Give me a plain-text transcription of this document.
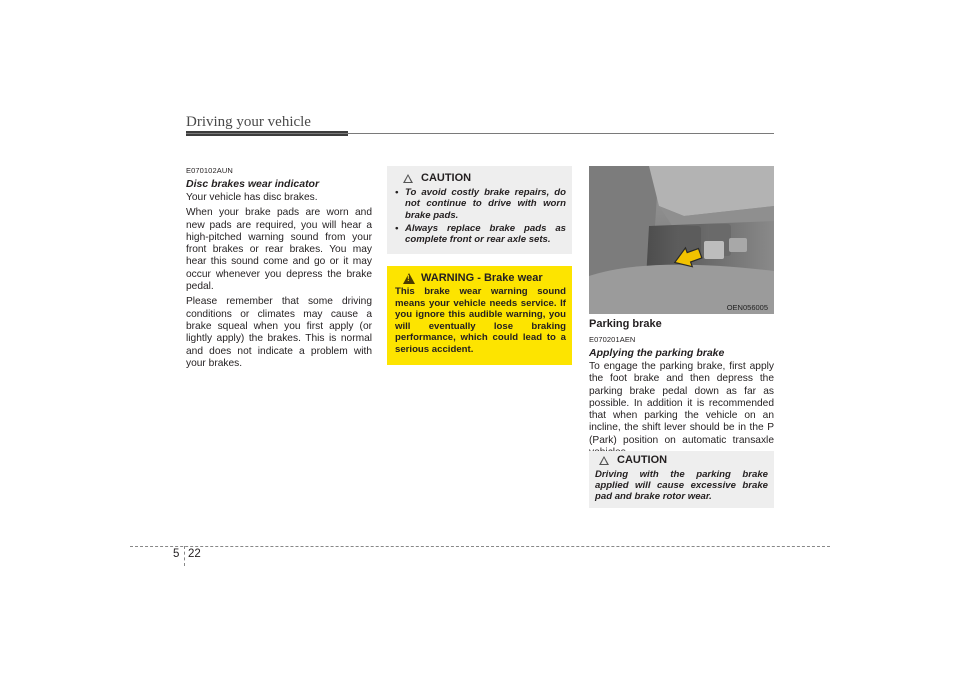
Driving your vehicle
E070102AUN
Disc brakes wear indicator

Your vehicle has disc brakes.

When your brake pads are worn and new pads are required, you will hear a high-pitched warning sound from your front brakes or rear brakes. You may hear this sound come and go or it may occur whenever you depress the brake pedal.

Please remember that some driving conditions or climates may cause a brake squeal when you first apply (or lightly apply) the brakes. This is normal and does not indicate a problem with your brakes.

CAUTION
• To avoid costly brake repairs, do not continue to drive with worn brake pads.
• Always replace brake pads as complete front or rear axle sets.
!
WARNING - Brake wear
This brake wear warning sound means your vehicle needs service. If you ignore this audible warning, you will eventually lose braking performance, which could lead to a serious accident.
OEN056005
Parking brake
E070201AEN
Applying the parking brake
To engage the parking brake, first apply the foot brake and then depress the parking brake pedal down as far as possible. In addition it is recommended that when parking the vehicle on an incline, the shift lever should be in the P (Park) position on automatic transaxle
CAUTION
Driving with the parking brake applied will cause excessive brake pad and brake rotor wear.
5 22
